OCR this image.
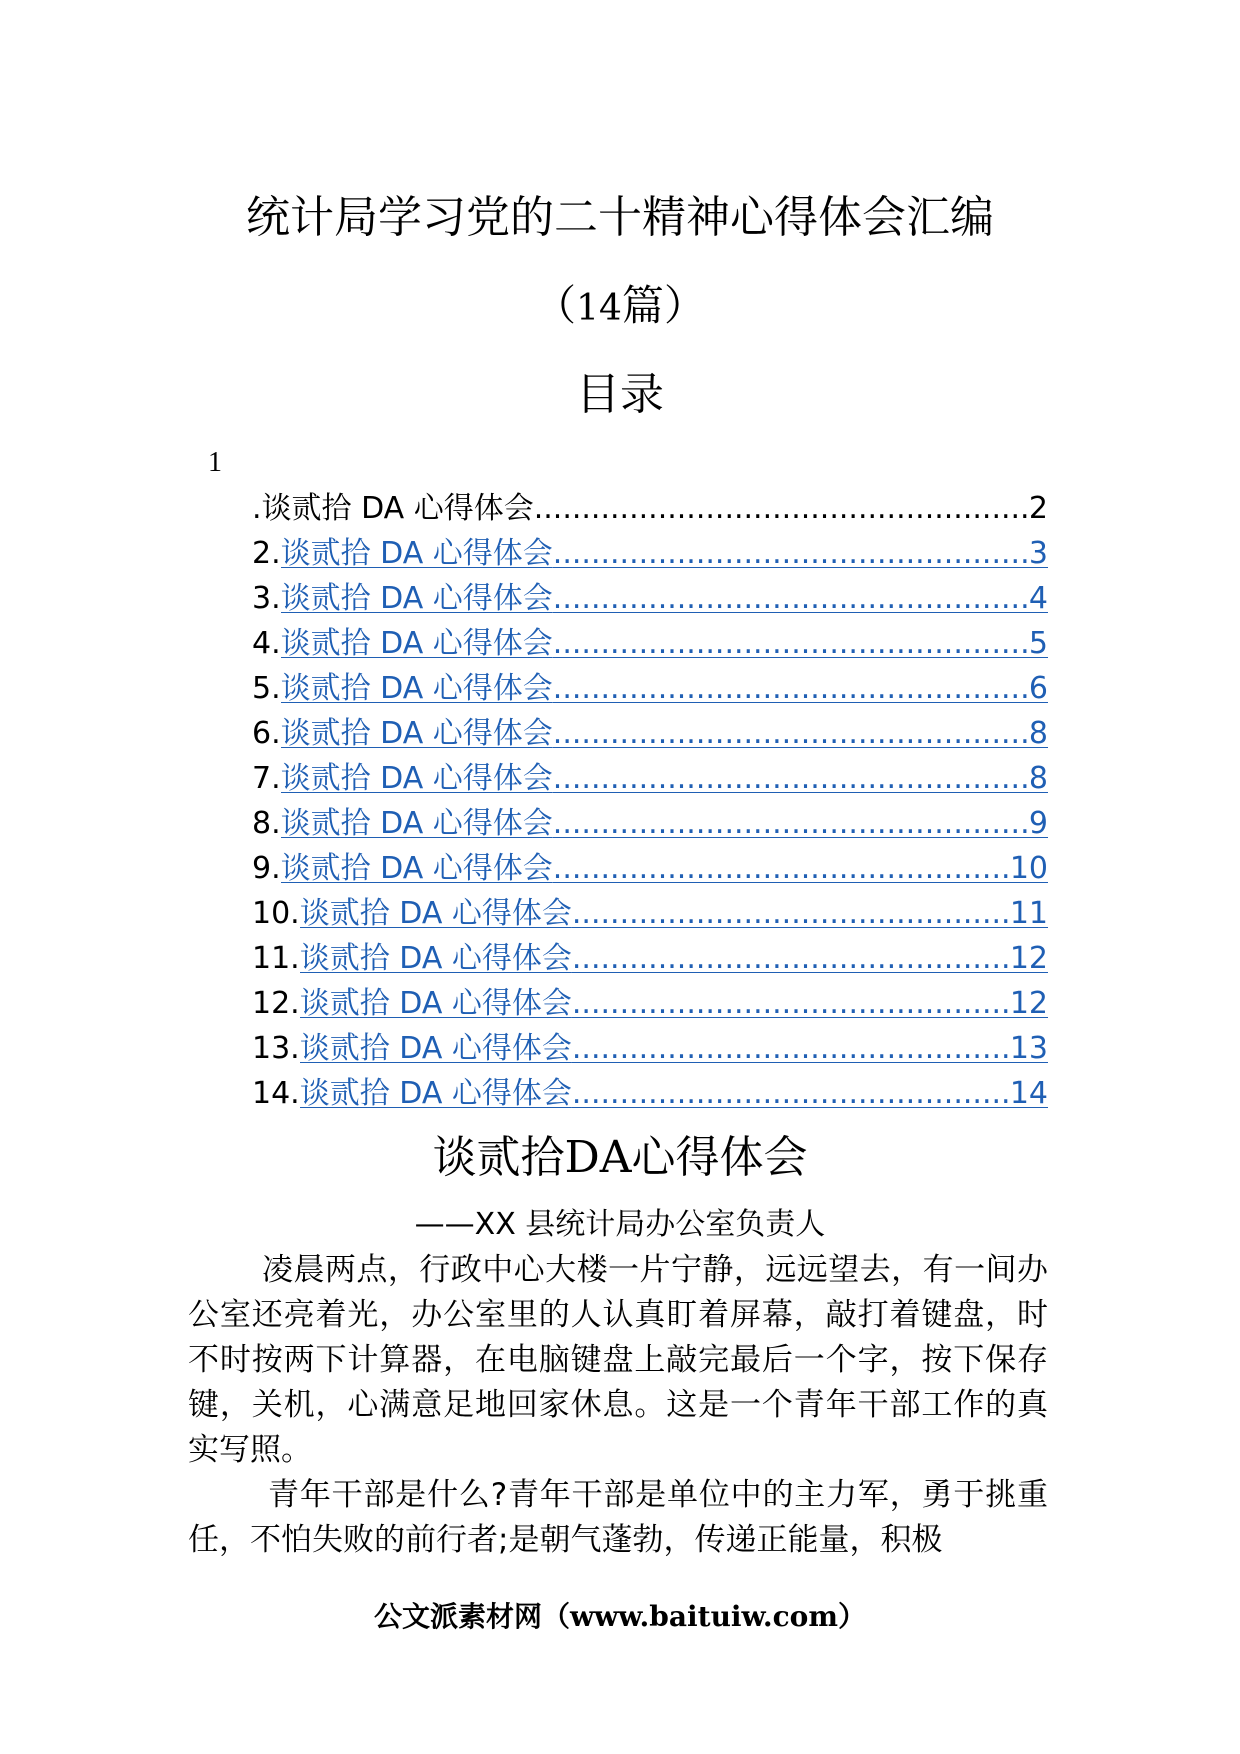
统计局学习党的二十精神心得体会汇编
（14篇）
目录
1
.谈贰拾 DA 心得体会 .....	2
2. 谈贰拾 DA 心得体会 .....	3
3. 谈贰拾 DA 心得体会 .....	4
4. 谈贰拾 DA 心得体会 .....	5
5. 谈贰拾 DA 心得体会 .....	6
6. 谈贰拾 DA 心得体会 .....	8
7. 谈贰拾 DA 心得体会 .....	8
8. 谈贰拾 DA 心得体会 .....	9
9. 谈贰拾 DA 心得体会 .....	10
10. 谈贰拾 DA 心得体会 .....	11
11. 谈贰拾 DA 心得体会 .....	12
12. 谈贰拾 DA 心得体会 .....	12
13. 谈贰拾 DA 心得体会 .....	13
14. 谈贰拾 DA 心得体会 .....	14
谈贰拾DA心得体会
——XX 县统计局办公室负责人

凌晨两点，行政中心大楼一片宁静，远远望去，有一间办公室还亮着光，办公室里的人认真盯着屏幕，敲打着键盘，时不时按两下计算器，在电脑键盘上敲完最后一个字，按下保存键，关机，心满意足地回家休息。这是一个青年干部工作的真实写照。

青年干部是什么?青年干部是单位中的主力军，勇于挑重任，不怕失败的前行者;是朝气蓬勃，传递正能量，积极

公文派素材网（www.baituiw.com）
